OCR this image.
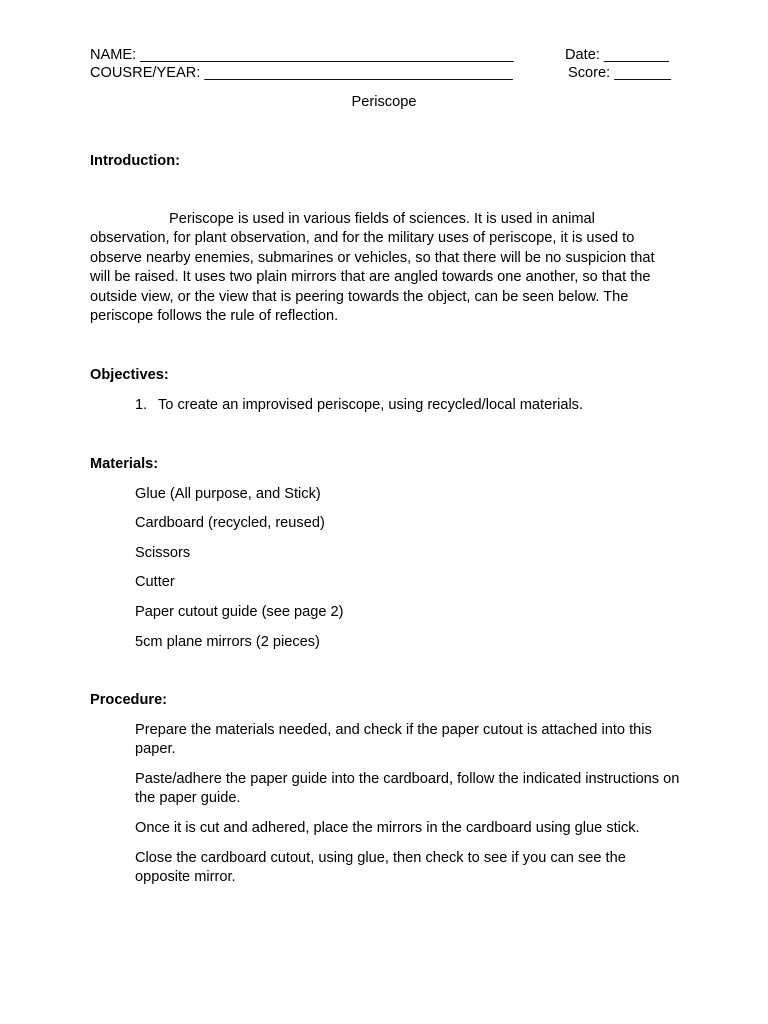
NAME: ______________________________________________
COUSRE/YEAR: ______________________________________
Date: ________
Score: _______
Periscope
Introduction:
Periscope is used in various fields of sciences. It is used in animal observation, for plant observation, and for the military uses of periscope, it is used to observe nearby enemies, submarines or vehicles, so that there will be no suspicion that will be raised. It uses two plain mirrors that are angled towards one another, so that the outside view, or the view that is peering towards the object, can be seen below. The periscope follows the rule of reflection.
Objectives:
1. To create an improvised periscope, using recycled/local materials.
Materials:
Glue (All purpose, and Stick)
Cardboard (recycled, reused)
Scissors
Cutter
Paper cutout guide (see page 2)
5cm plane mirrors (2 pieces)
Procedure:
Prepare the materials needed, and check if the paper cutout is attached into this paper.
Paste/adhere the paper guide into the cardboard, follow the indicated instructions on the paper guide.
Once it is cut and adhered, place the mirrors in the cardboard using glue stick.
Close the cardboard cutout, using glue, then check to see if you can see the opposite mirror.
